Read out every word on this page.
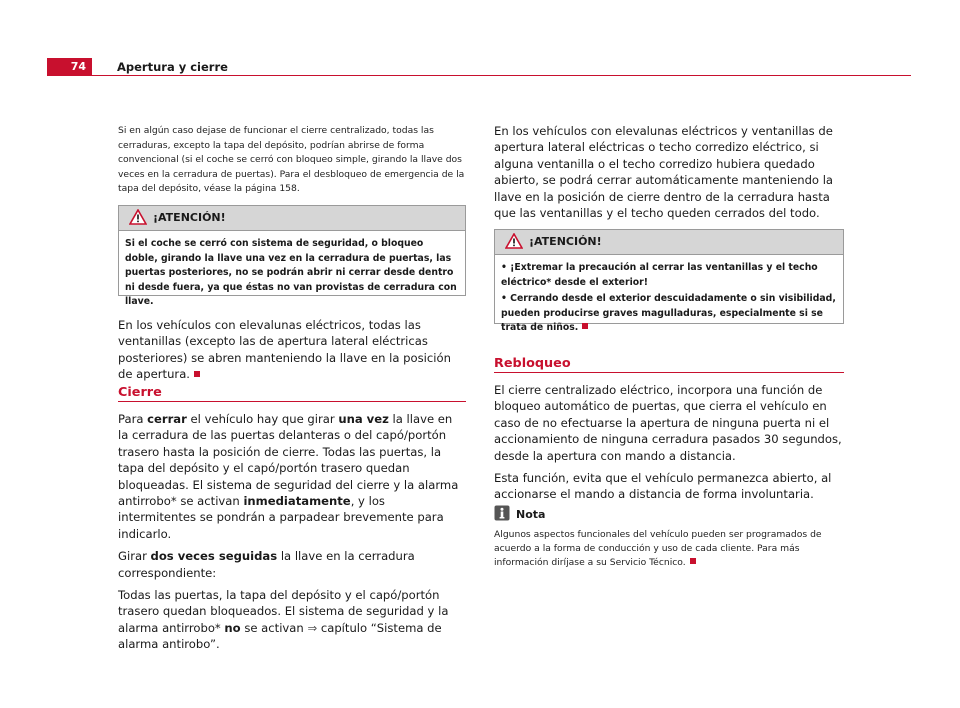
74	Apertura y cierre

Si en algún caso dejase de funcionar el cierre centralizado, todas las cerraduras, excepto la tapa del depósito, podrían abrirse de forma convencional (si el coche se cerró con bloqueo simple, girando la llave dos veces en la cerradura de puertas). Para el desbloqueo de emergencia de la tapa del depósito, véase la página 158.

¡ATENCIÓN!

Si el coche se cerró con sistema de seguridad, o bloqueo doble, girando la llave una vez en la cerradura de puertas, las puertas posteriores, no se podrán abrir ni cerrar desde dentro ni desde fuera, ya que éstas no van provistas de cerradura con llave.

En los vehículos con elevalunas eléctricos, todas las ventanillas (excepto las de apertura lateral eléctricas posteriores) se abren manteniendo la llave en la posición de apertura.

Cierre

Para cerrar el vehículo hay que girar una vez la llave en la cerradura de las puertas delanteras o del capó/portón trasero hasta la posición de cierre. Todas las puertas, la tapa del depósito y el capó/portón trasero quedan bloqueadas. El sistema de seguridad del cierre y la alarma antirrobo* se activan inmediatamente, y los intermitentes se pondrán a parpadear brevemente para indicarlo.

Girar dos veces seguidas la llave en la cerradura correspondiente:

Todas las puertas, la tapa del depósito y el capó/portón trasero quedan bloqueados. El sistema de seguridad y la alarma antirrobo* no se activan ⇒ capítulo “Sistema de alarma antirobo”.

En los vehículos con elevalunas eléctricos y ventanillas de apertura lateral eléctricas o techo corredizo eléctrico, si alguna ventanilla o el techo corredizo hubiera quedado abierto, se podrá cerrar automáticamente manteniendo la llave en la posición de cierre dentro de la cerradura hasta que las ventanillas y el techo queden cerrados del todo.

¡ATENCIÓN!

• ¡Extremar la precaución al cerrar las ventanillas y el techo eléctrico* desde el exterior!

• Cerrando desde el exterior descuidadamente o sin visibilidad, pueden producirse graves magulladuras, especialmente si se trata de niños.

Rebloqueo

El cierre centralizado eléctrico, incorpora una función de bloqueo automático de puertas, que cierra el vehículo en caso de no efectuarse la apertura de ninguna puerta ni el accionamiento de ninguna cerradura pasados 30 segundos, desde la apertura con mando a distancia.

Esta función, evita que el vehículo permanezca abierto, al accionarse el mando a distancia de forma involuntaria.

Nota

Algunos aspectos funcionales del vehículo pueden ser programados de acuerdo a la forma de conducción y uso de cada cliente. Para más información diríjase a su Servicio Técnico.
